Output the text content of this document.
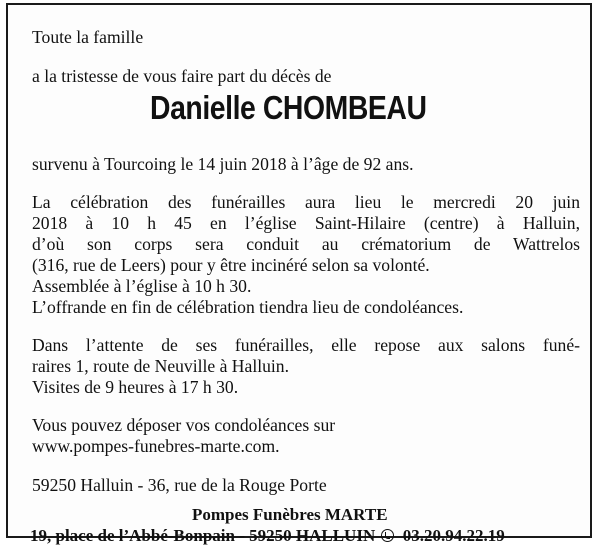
Toute la famille
a la tristesse de vous faire part du décès de
Danielle CHOMBEAU
survenu à Tourcoing le 14 juin 2018 à l’âge de 92 ans.
La célébration des funérailles aura lieu le mercredi 20 juin
2018 à 10 h 45 en l’église Saint-Hilaire (centre) à Halluin,
d’où son corps sera conduit au crématorium de Wattrelos
(316, rue de Leers) pour y être incinéré selon sa volonté.
Assemblée à l’église à 10 h 30.
L’offrande en fin de célébration tiendra lieu de condoléances.
Dans l’attente de ses funérailles, elle repose aux salons funé-
raires 1, route de Neuville à Halluin.
Visites de 9 heures à 17 h 30.
Vous pouvez déposer vos condoléances sur
www.pompes-funebres-marte.com.
59250 Halluin - 36, rue de la Rouge Porte
Pompes Funèbres MARTE
19, place de l’Abbé-Bonpain - 59250 HALLUIN 03.20.94.22.19
